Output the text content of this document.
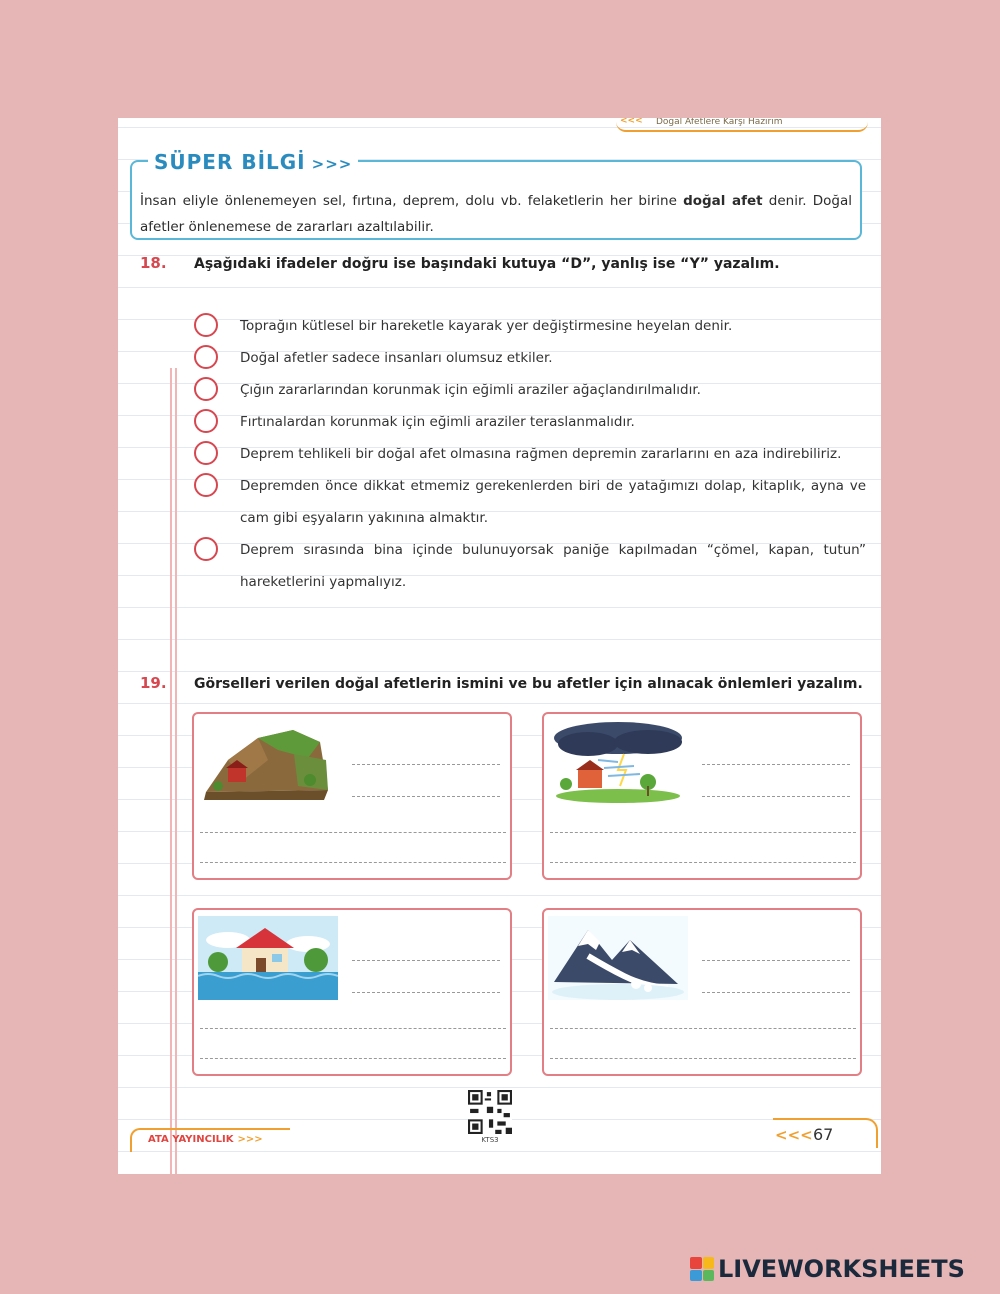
<<< Doğal Afetlere Karşı Hazırım
SÜPER BİLGİ >>>
İnsan eliyle önlenemeyen sel, fırtına, deprem, dolu vb. felaketlerin her birine doğal afet denir. Doğal afetler önlenemese de zararları azaltılabilir.
18. Aşağıdaki ifadeler doğru ise başındaki kutuya “D”, yanlış ise “Y” yazalım.
Toprağın kütlesel bir hareketle kayarak yer değiştirmesine heyelan denir.
Doğal afetler sadece insanları olumsuz etkiler.
Çığın zararlarından korunmak için eğimli araziler ağaçlandırılmalıdır.
Fırtınalardan korunmak için eğimli araziler teraslanmalıdır.
Deprem tehlikeli bir doğal afet olmasına rağmen depremin zararlarını en aza indirebiliriz.
Depremden önce dikkat etmemiz gerekenlerden biri de yatağımızı dolap, kitaplık, ayna ve cam gibi eşyaların yakınına almaktır.
Deprem sırasında bina içinde bulunuyorsak paniğe kapılmadan “çömel, kapan, tutun” hareketlerini yapmalıyız.
19. Görselleri verilen doğal afetlerin ismini ve bu afetler için alınacak önlemleri yazalım.
ATA YAYINCILIK >>>	KTS3	<<< 67
LIVEWORKSHEETS
